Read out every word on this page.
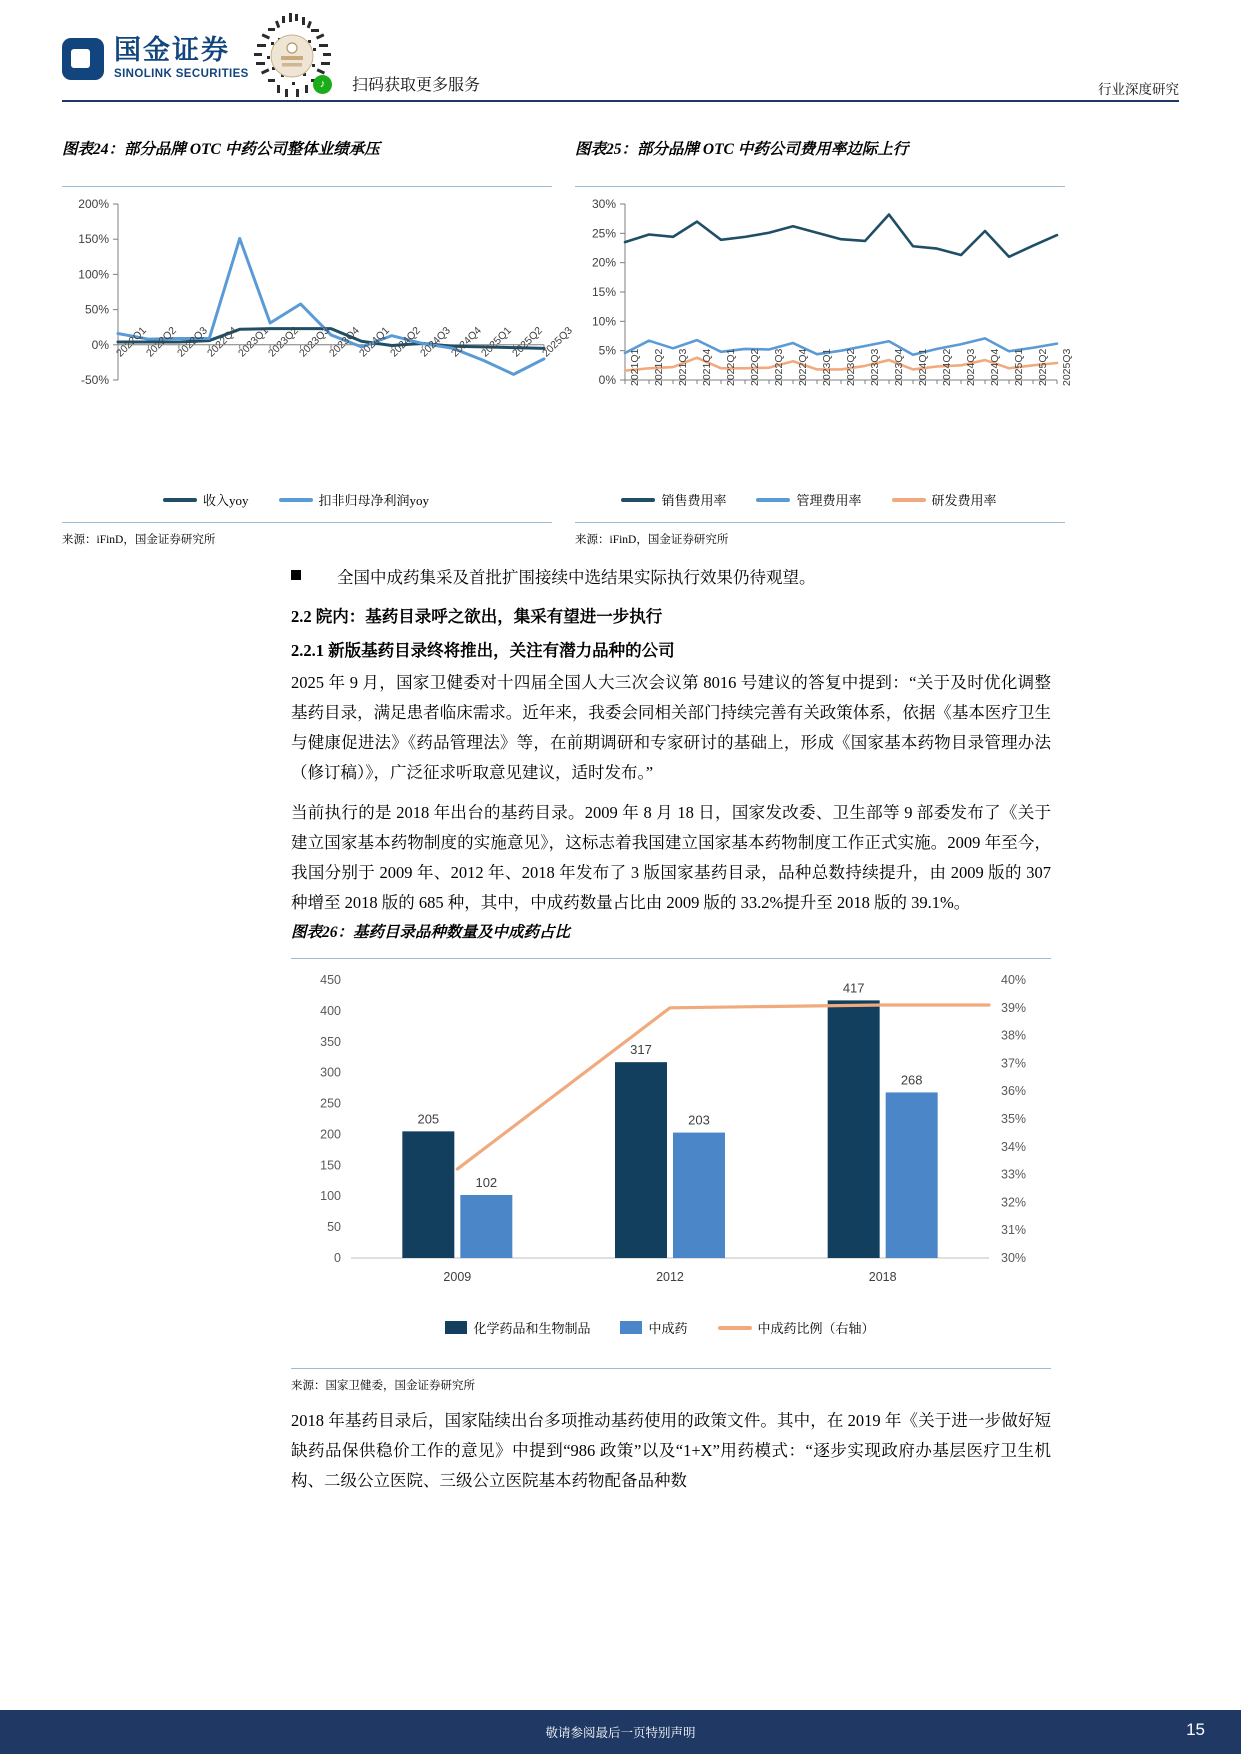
国金证券
SINOLINK SECURITIES
♪	扫码获取更多服务	行业深度研究
图表24：部分品牌 OTC 中药公司整体业绩承压
-50%
0%
50%
100%
150%
200%
2022Q1
2022Q2
2022Q3
2022Q4
2023Q1
2023Q2
2023Q3
2023Q4
2024Q1
2024Q2
2024Q3
2024Q4
2025Q1
2025Q2
2025Q3
收入yoy	扣非归母净利润yoy
来源：iFinD，国金证券研究所
图表25：部分品牌 OTC 中药公司费用率边际上行
0%
5%
10%
15%
20%
25%
30%
2021Q1 2021Q2 2021Q3 2021Q4 2022Q1 2022Q2 2022Q3 2022Q4 2023Q1 2023Q2 2023Q3 2023Q4 2024Q1 2024Q2 2024Q3 2024Q4 2025Q1 2025Q2 2025Q3
销售费用率	管理费用率	研发费用率
来源：iFinD，国金证券研究所
全国中成药集采及首批扩围接续中选结果实际执行效果仍待观望。
2.2 院内：基药目录呼之欲出，集采有望进一步执行
2.2.1 新版基药目录终将推出，关注有潜力品种的公司
2025 年 9 月，国家卫健委对十四届全国人大三次会议第 8016 号建议的答复中提到：“关于及时优化调整基药目录，满足患者临床需求。近年来，我委会同相关部门持续完善有关政策体系，依据《基本医疗卫生与健康促进法》《药品管理法》等，在前期调研和专家研讨的基础上，形成《国家基本药物目录管理办法（修订稿）》，广泛征求听取意见建议，适时发布。”
当前执行的是 2018 年出台的基药目录。2009 年 8 月 18 日，国家发改委、卫生部等 9 部委发布了《关于建立国家基本药物制度的实施意见》，这标志着我国建立国家基本药物制度工作正式实施。2009 年至今，我国分别于 2009 年、2012 年、2018 年发布了 3 版国家基药目录，品种总数持续提升，由 2009 版的 307 种增至 2018 版的 685 种，其中，中成药数量占比由 2009 版的 33.2%提升至 2018 版的 39.1%。
图表26：基药目录品种数量及中成药占比
0
50
100
150
200
250
300
350
400
450
30%
31%
32%
33%
34%
35%
36%
37%
38%
39%
40%
205
317
417
102
203
268
2009	2012	2018
化学药品和生物制品	中成药	中成药比例（右轴）
来源：国家卫健委，国金证券研究所
2018 年基药目录后，国家陆续出台多项推动基药使用的政策文件。其中，在 2019 年《关于进一步做好短缺药品保供稳价工作的意见》中提到“986 政策”以及“1+X”用药模式：“逐步实现政府办基层医疗卫生机构、二级公立医院、三级公立医院基本药物配备品种数
敬请参阅最后一页特别声明	15
